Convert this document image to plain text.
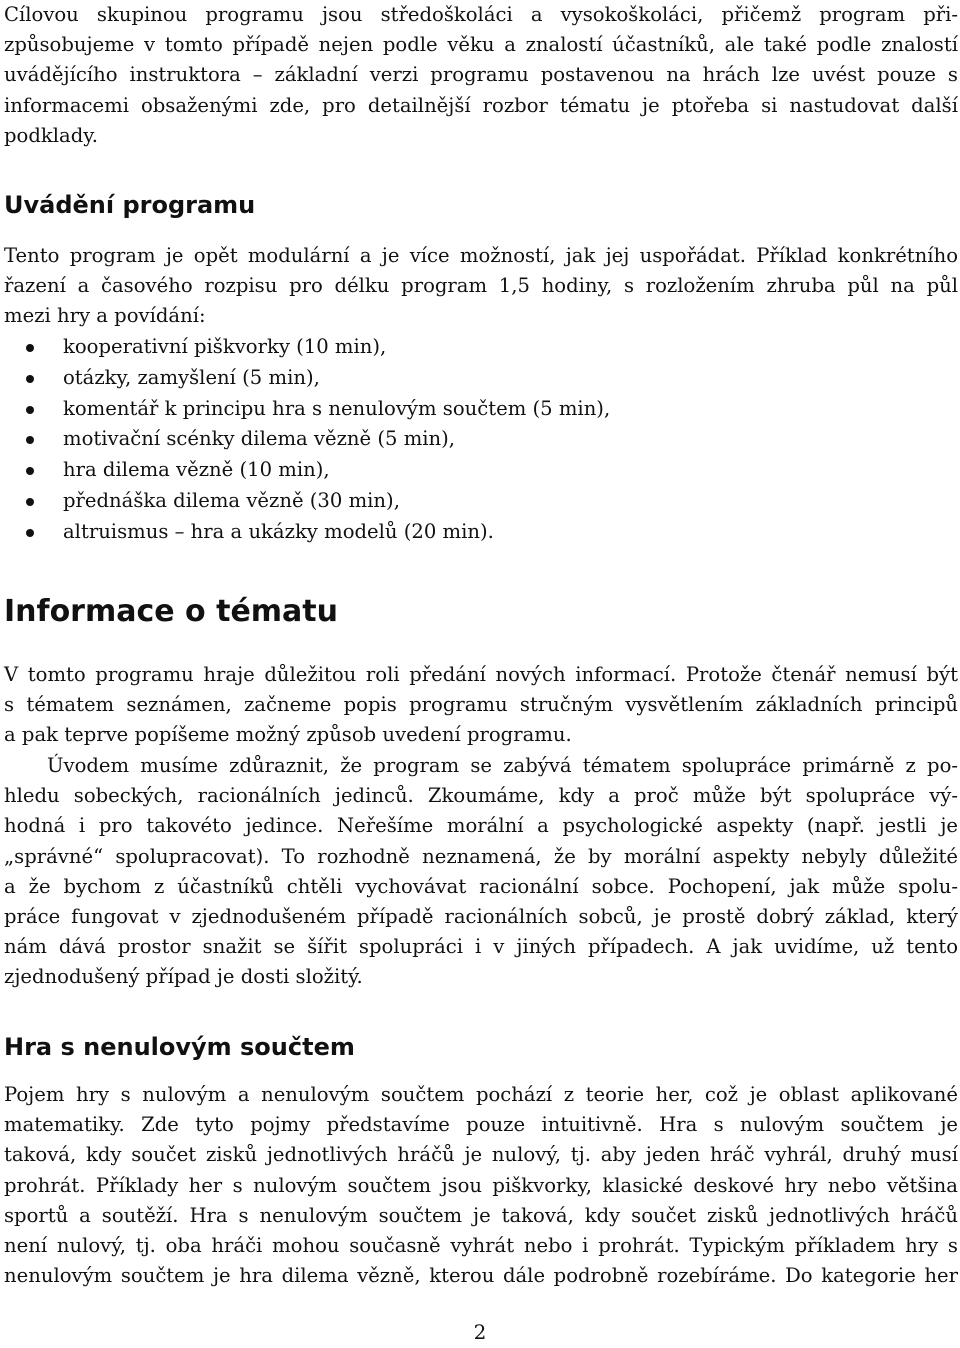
Cílovou skupinou programu jsou středoškoláci a vysokoškoláci, přičemž program při-
způsobujeme v tomto případě nejen podle věku a znalostí účastníků, ale také podle znalostí
uvádějícího instruktora – základní verzi programu postavenou na hrách lze uvést pouze s
informacemi obsaženými zde, pro detailnější rozbor tématu je ptořeba si nastudovat další
podklady.
Uvádění programu
Tento program je opět modulární a je více možností, jak jej uspořádat. Příklad konkrétního
řazení a časového rozpisu pro délku program 1,5 hodiny, s rozložením zhruba půl na půl
mezi hry a povídání:
kooperativní piškvorky (10 min),
otázky, zamyšlení (5 min),
komentář k principu hra s nenulovým součtem (5 min),
motivační scénky dilema vězně (5 min),
hra dilema vězně (10 min),
přednáška dilema vězně (30 min),
altruismus – hra a ukázky modelů (20 min).
Informace o tématu
V tomto programu hraje důležitou roli předání nových informací. Protože čtenář nemusí být
s tématem seznámen, začneme popis programu stručným vysvětlením základních principů
a pak teprve popíšeme možný způsob uvedení programu.
Úvodem musíme zdůraznit, že program se zabývá tématem spolupráce primárně z po-
hledu sobeckých, racionálních jedinců. Zkoumáme, kdy a proč může být spolupráce vý-
hodná i pro takovéto jedince. Neřešíme morální a psychologické aspekty (např. jestli je
„správné“ spolupracovat). To rozhodně neznamená, že by morální aspekty nebyly důležité
a že bychom z účastníků chtěli vychovávat racionální sobce. Pochopení, jak může spolu-
práce fungovat v zjednodušeném případě racionálních sobců, je prostě dobrý základ, který
nám dává prostor snažit se šířit spolupráci i v jiných případech. A jak uvidíme, už tento
zjednodušený případ je dosti složitý.
Hra s nenulovým součtem
Pojem hry s nulovým a nenulovým součtem pochází z teorie her, což je oblast aplikované
matematiky. Zde tyto pojmy představíme pouze intuitivně. Hra s nulovým součtem je
taková, kdy součet zisků jednotlivých hráčů je nulový, tj. aby jeden hráč vyhrál, druhý musí
prohrát. Příklady her s nulovým součtem jsou piškvorky, klasické deskové hry nebo většina
sportů a soutěží. Hra s nenulovým součtem je taková, kdy součet zisků jednotlivých hráčů
není nulový, tj. oba hráči mohou současně vyhrát nebo i prohrát. Typickým příkladem hry s
nenulovým součtem je hra dilema vězně, kterou dále podrobně rozebíráme. Do kategorie her
2
